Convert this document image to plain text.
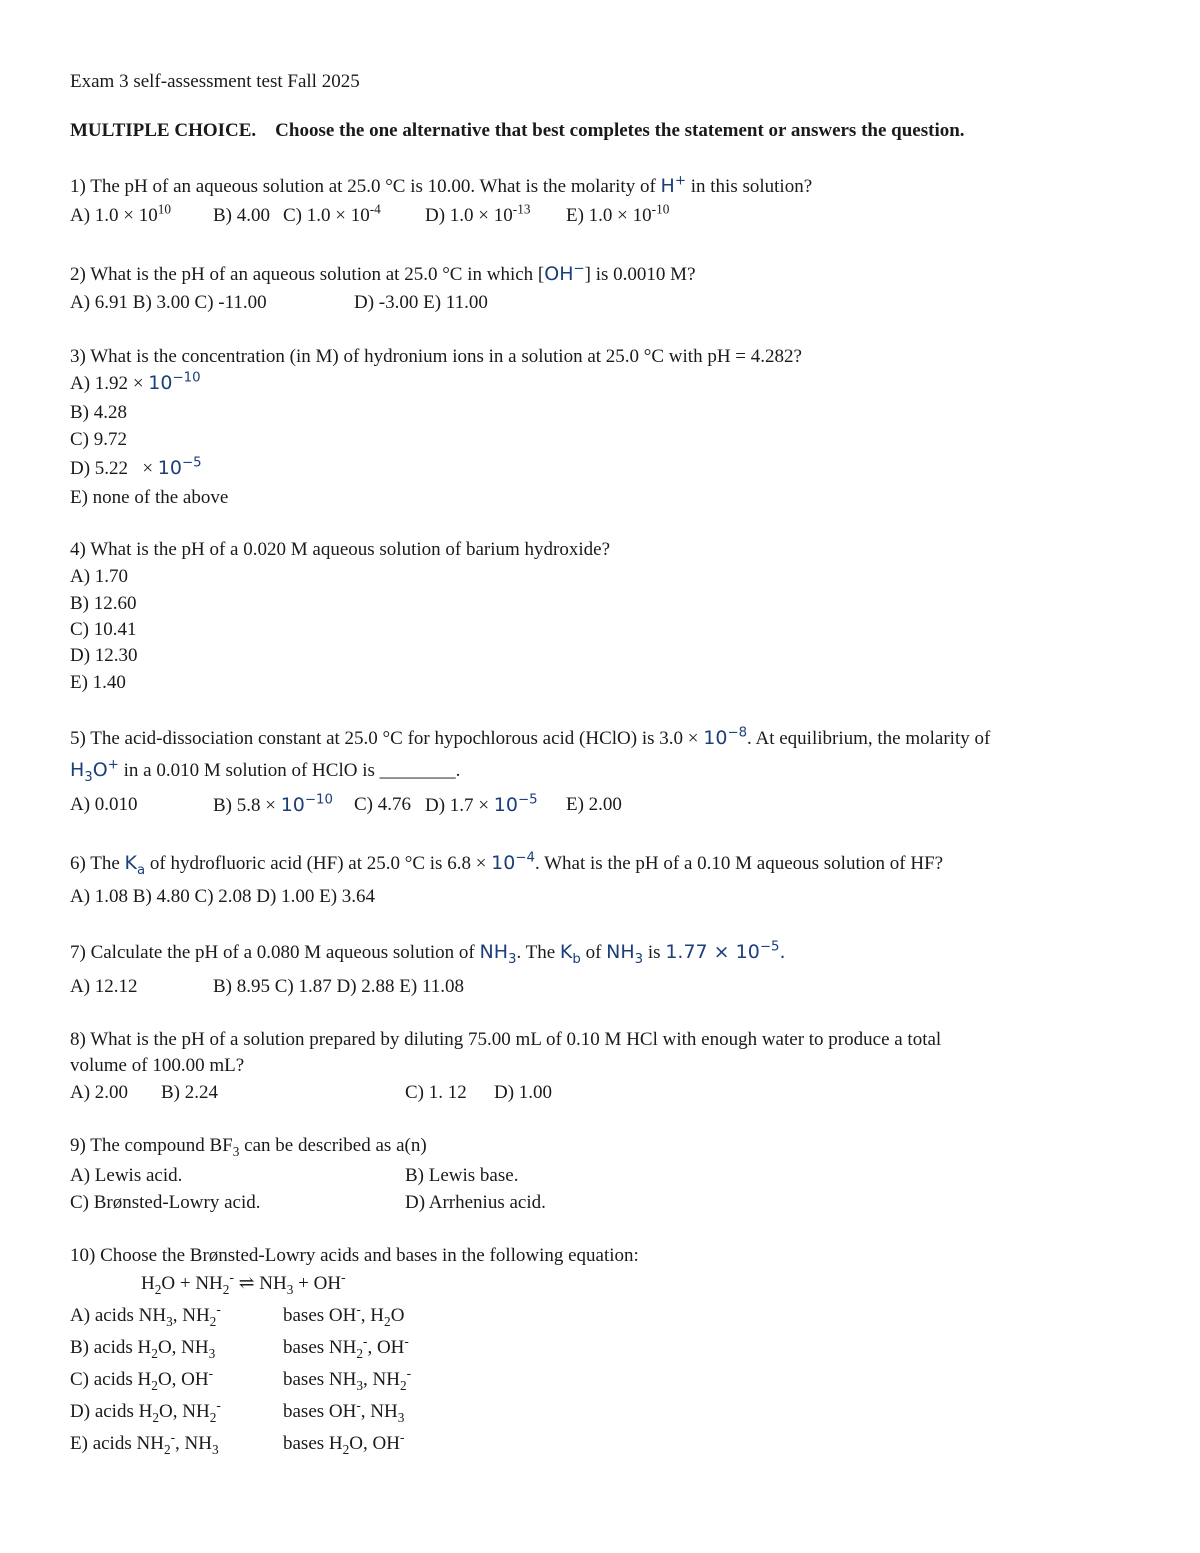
Exam 3 self-assessment test Fall 2025
MULTIPLE CHOICE. Choose the one alternative that best completes the statement or answers the question.
1) The pH of an aqueous solution at 25.0 °C is 10.00. What is the molarity of H+ in this solution?
A) $1.0 \times 10^{10}$ B) 4.00 C) $1.0 \times 10^{-4}$ D) $1.0 \times 10^{-13}$ E) $1.0 \times 10^{-10}$
2) What is the pH of an aqueous solution at 25.0 °C in which [OH−] is 0.0010 M?
A) 6.91 B) 3.00 C) -11.00	D) -3.00 E) 11.00
3) What is the concentration (in M) of hydronium ions in a solution at 25.0 °C with pH = 4.282?
A) $1.92 \times 10^{-10}$
B) 4.28
C) 9.72
D) $5.22 \times 10^{-5}$
E) none of the above
4) What is the pH of a 0.020 M aqueous solution of barium hydroxide?
A) 1.70
B) 12.60
C) 10.41
D) 12.30
E) 1.40
5) The acid-dissociation constant at 25.0 °C for hypochlorous acid (HClO) is $3.0 \times 10^{-8}$. At equilibrium, the molarity of
$H_3O^+$ in a 0.010 M solution of HClO is ________.
A) 0.010	B) $5.8 \times 10^{-10}$ C) 4.76 D) $1.7 \times 10^{-5}$ E) 2.00
6) The $K_a$ of hydrofluoric acid (HF) at 25.0 °C is $6.8 \times 10^{-4}$. What is the pH of a 0.10 M aqueous solution of HF?
A) 1.08 B) 4.80 C) 2.08 D) 1.00 E) 3.64
7) Calculate the pH of a 0.080 M aqueous solution of $NH_3$. The $K_b$ of $NH_3$ is $1.77 \times 10^{-5}$.
A) 12.12	B) 8.95 C) 1.87 D) 2.88 E) 11.08
8) What is the pH of a solution prepared by diluting 75.00 mL of 0.10 M HCl with enough water to produce a total
volume of 100.00 mL?
A) 2.00 B) 2.24	C) 1. 12 D) 1.00
9) The compound $BF_3$ can be described as a(n)
A) Lewis acid.	B) Lewis base.
C) Brønsted-Lowry acid.	D) Arrhenius acid.
10) Choose the Brønsted-Lowry acids and bases in the following equation:
$H_2O + NH_2^-$ ⇌ $NH_3 + OH^-$
A) acids $NH_3$, $NH_2^-$	bases OH-, $H_2O$
B) acids $H_2O$, $NH_3$	bases $NH_2^-$, OH-
C) acids $H_2O$, OH-	bases $NH_3$, $NH_2^-$
D) acids $H_2O$, $NH_2^-$	bases OH-, $NH_3$
E) acids $NH_2^-$, $NH_3$	bases $H_2O$, OH-
